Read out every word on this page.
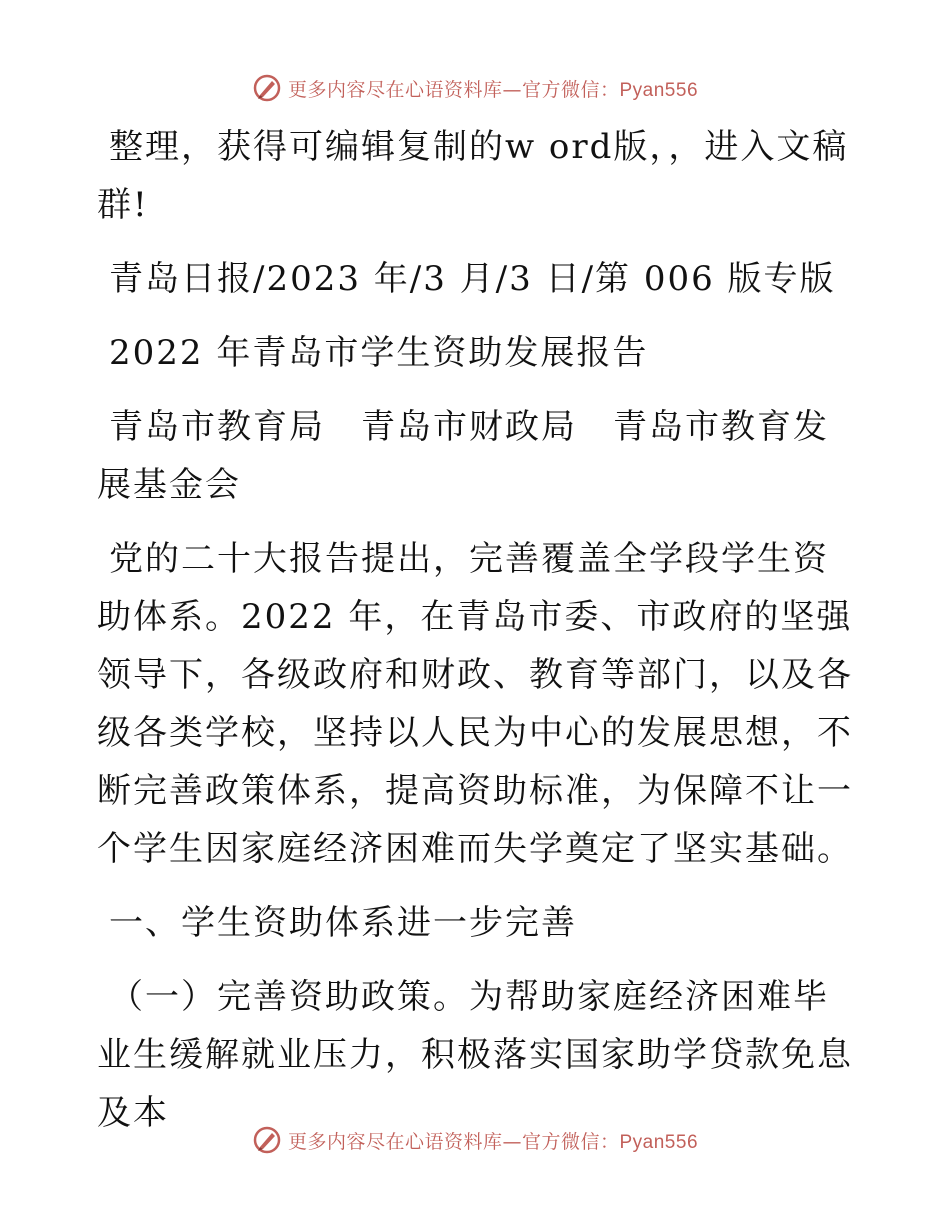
更多内容尽在心语资料库—官方微信：Pyan556

整理，获得可编辑复制的w ord版，，进入文稿群!

青岛日报/2023 年/3 月/3 日/第 006 版专版

2022 年青岛市学生资助发展报告

青岛市教育局　青岛市财政局　青岛市教育发展基金会

党的二十大报告提出，完善覆盖全学段学生资助体系。2022 年，在青岛市委、市政府的坚强领导下，各级政府和财政、教育等部门，以及各级各类学校，坚持以人民为中心的发展思想，不断完善政策体系，提高资助标准，为保障不让一个学生因家庭经济困难而失学奠定了坚实基础。

一、学生资助体系进一步完善

（一）完善资助政策。为帮助家庭经济困难毕业生缓解就业压力，积极落实国家助学贷款免息及本

更多内容尽在心语资料库—官方微信：Pyan556
